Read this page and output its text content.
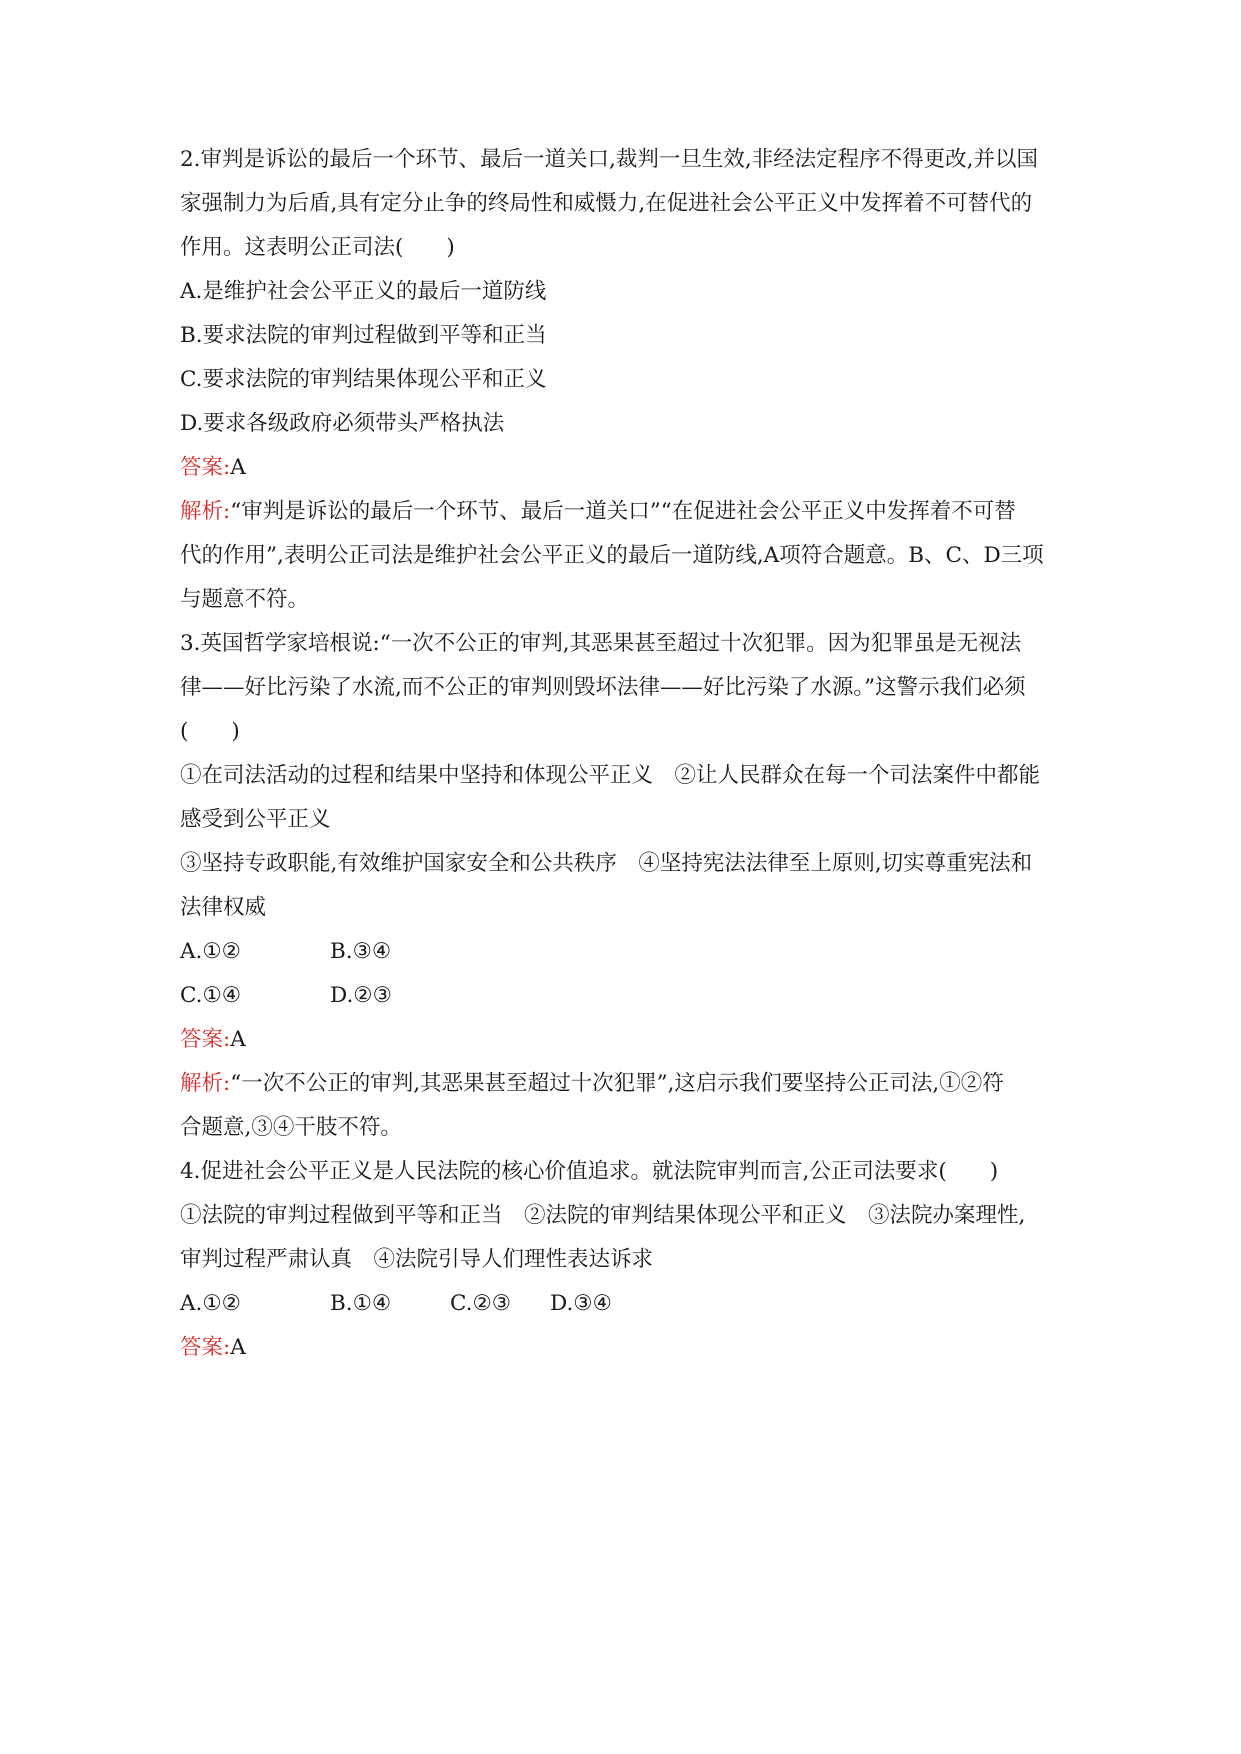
2.审判是诉讼的最后一个环节、最后一道关口,裁判一旦生效,非经法定程序不得更改,并以国
家强制力为后盾,具有定分止争的终局性和威慑力,在促进社会公平正义中发挥着不可替代的
作用。这表明公正司法(　　)
A.是维护社会公平正义的最后一道防线
B.要求法院的审判过程做到平等和正当
C.要求法院的审判结果体现公平和正义
D.要求各级政府必须带头严格执法
答案:A
解析:“审判是诉讼的最后一个环节、最后一道关口”“在促进社会公平正义中发挥着不可替
代的作用”,表明公正司法是维护社会公平正义的最后一道防线,A项符合题意。B、C、D三项
与题意不符。
3.英国哲学家培根说:“一次不公正的审判,其恶果甚至超过十次犯罪。因为犯罪虽是无视法
律——好比污染了水流,而不公正的审判则毁坏法律——好比污染了水源。”这警示我们必须
(　　)
①在司法活动的过程和结果中坚持和体现公平正义　②让人民群众在每一个司法案件中都能
感受到公平正义
③坚持专政职能,有效维护国家安全和公共秩序　④坚持宪法法律至上原则,切实尊重宪法和
法律权威
A.①②	B.③④
C.①④	D.②③
答案:A
解析:“一次不公正的审判,其恶果甚至超过十次犯罪”,这启示我们要坚持公正司法,①②符
合题意,③④干肢不符。
4.促进社会公平正义是人民法院的核心价值追求。就法院审判而言,公正司法要求(　　)
①法院的审判过程做到平等和正当　②法院的审判结果体现公平和正义　③法院办案理性,
审判过程严肃认真　④法院引导人们理性表达诉求
A.①②	B.①④	C.②③ D.③④
答案:A
